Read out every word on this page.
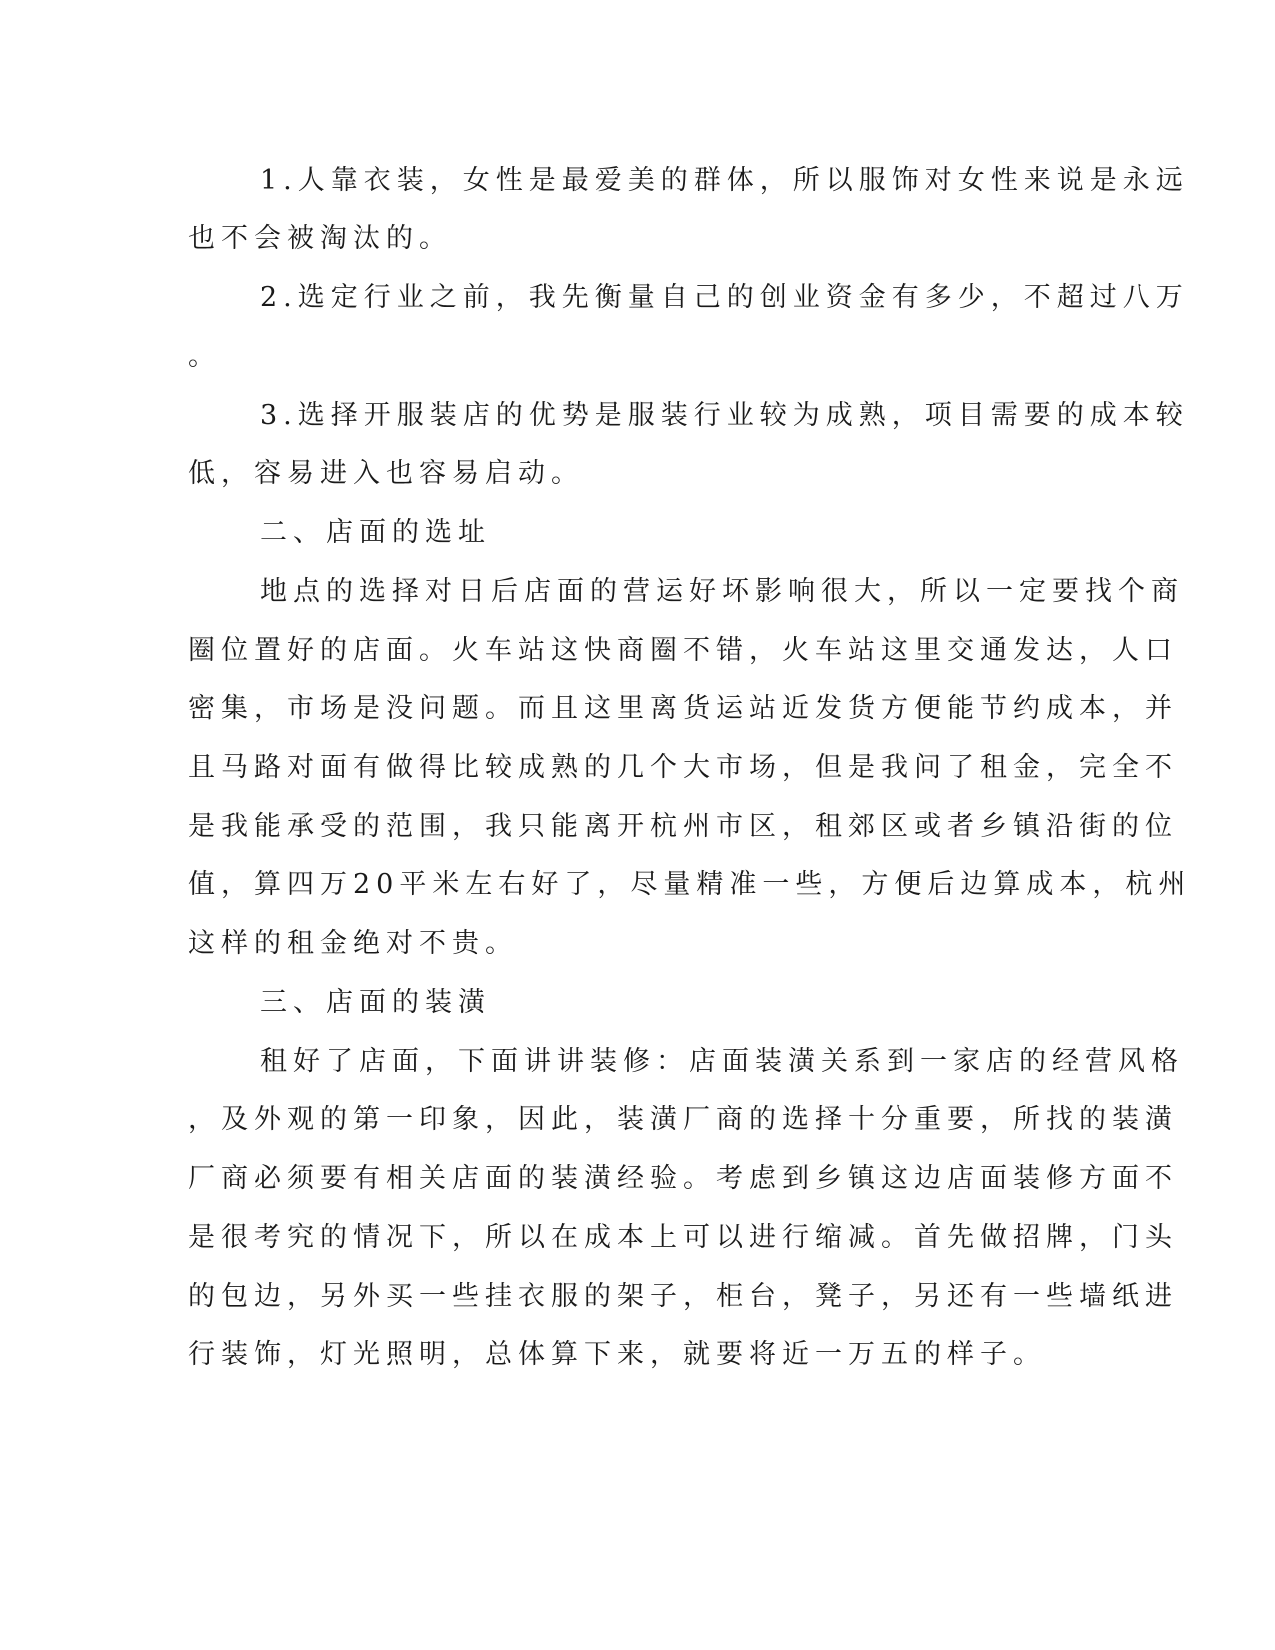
1.人靠衣装，女性是最爱美的群体，所以服饰对女性来说是永远

也不会被淘汰的。

2.选定行业之前，我先衡量自己的创业资金有多少，不超过八万

。

3.选择开服装店的优势是服装行业较为成熟，项目需要的成本较

低，容易进入也容易启动。

二、店面的选址

地点的选择对日后店面的营运好坏影响很大，所以一定要找个商

圈位置好的店面。火车站这快商圈不错，火车站这里交通发达，人口

密集，市场是没问题。而且这里离货运站近发货方便能节约成本，并

且马路对面有做得比较成熟的几个大市场，但是我问了租金，完全不

是我能承受的范围，我只能离开杭州市区，租郊区或者乡镇沿街的位

值，算四万20平米左右好了，尽量精准一些，方便后边算成本，杭州

这样的租金绝对不贵。

三、店面的装潢

租好了店面，下面讲讲装修：店面装潢关系到一家店的经营风格

，及外观的第一印象，因此，装潢厂商的选择十分重要，所找的装潢

厂商必须要有相关店面的装潢经验。考虑到乡镇这边店面装修方面不

是很考究的情况下，所以在成本上可以进行缩减。首先做招牌，门头

的包边，另外买一些挂衣服的架子，柜台，凳子，另还有一些墙纸进

行装饰，灯光照明，总体算下来，就要将近一万五的样子。
